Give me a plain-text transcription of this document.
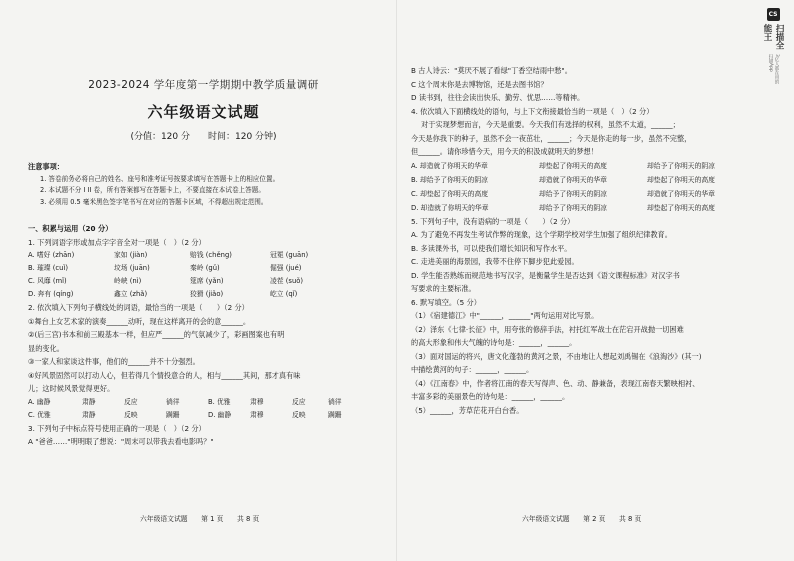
2023-2024 学年度第一学期期中教学质量调研
六年级语文试题
(分值：120 分　　时间：120 分钟)
注意事项：
1. 答卷前务必将自己的姓名、座号和准考证号按要求填写在答题卡上的相应位置。
2. 本试题不分 I II 卷，所有答案都写在答题卡上，不要直接在本试卷上答题。
3. 必须用 0.5 毫米黑色签字笔书写在对应的答题卡区域，不得超出规定范围。
一、积累与运用（20 分）
1. 下列词语字形或加点字字音全对一项是（　）（2 分）
A. 嗜好 (zhān)	家如 (jiàn)	赔钱 (chěng)	冠冕 (guān)
B. 璀璨 (cuǐ)	坟场 (juān)	秦岭 (gǔ)	倔强 (jué)
C. 风靡 (mǐ)	岭峡 (nì)	筵席 (yǎn)	凌茬 (suǒ)
D. 奔有 (qíng)	鑫立 (zhǎ)	狡猾 (jiǎo)	屹立 (qǐ)
2. 依次填入下列句子横线处的词语，最恰当的一项是（　　）（2 分）
①舞台上女艺术家的演奏______动听，现在这样离开的会的意______。
②(后三宫)书本和前三殿基本一样，但应严______的气氛减少了，彩画图案也有明
显的变化。
③一家人和家谈这件事，他们的______并不十分强烈。
④好风景固然可以打动人心，但若得几个情投意合的人，相与______其间，那才真有味
儿；这时候风景觉得更好。
A. 幽静	肃静	反应	徜徉	B. 优雅	肃穆	反应	徜徉
C. 优雅	肃静	反映	蹒跚	D. 幽静	肃穆	反映	蹒跚
3. 下列句子中标点符号使用正确的一项是（　）（2 分）
A "爸爸……"明明眼了想说："周末可以带我去看电影吗？"
六年级语文试题　　第 1 页　　共 8 页
B 古人诗云："莫厌不展了看绿"丁香空结雨中愁"。
C 这个周末你是去博物馆，还是去图书馆？
D 读书到，往往会读出快乐、勤劳、忧思……等精神。
4. 依次填入下面横线处的语句，与上下文衔接最恰当的一项是（　）（2 分）
对于实现梦想而言，今天是重要。今天我们有选择的权利，虽然不太道，______；
今天是你我下的种子，虽然不会一夜茁壮，______；今天是你走的每一步，虽然不完整，
但______。请你珍惜今天，用今天的积汲成就明天的梦想！
A. 却造就了你明天的华章	却垫起了你明天的高度	却给予了你明天的阴凉
B. 却给予了你明天的阴凉	却造就了你明天的华章	却垫起了你明天的高度
C. 却垫起了你明天的高度	却给予了你明天的阴凉	却造就了你明天的华章
D. 却造就了你明天的华章	却给予了你明天的阴凉	却垫起了你明天的高度
5. 下列句子中，没有语病的一项是（　　）（2 分）
A. 为了避免不再发生考试作弊的现象，这个学期学校对学生加强了组织纪律教育。
B. 多读课外书，可以使我们增长知识和写作水平。
C. 走进美丽的海景园，我带不住停下脚步犯此爱园。
D. 学生能否熟练而规范地书写汉字，是衡量学生是否达到《语文课程标准》对汉字书
写要求的主要标准。
6. 默写填空。（5 分）
（1）《宿建德江》中"______，______"两句运用对比写景。
（2）泽东《七律·长征》中，用夸张的修辞手法，衬托红军战士在茫宕开战抛一切困难
的高大形象和伟大气魄的诗句是：______，______。
（3）面对国运的将兴，唐文化蓬勃的黄河之景，不由地让人想起刘禹锡在《浪淘沙》(其一)
中描绘黄河的句子：______，______。
（4）《江南春》中，作者将江南的春天写得声、色、动、静兼备，表现江南春天繁映相衬、
丰富多彩的美丽景色的诗句是：______，______。
（5）______，芳草茫花开白台香。
六年级语文试题　　第 2 页　　共 8 页
CS
扫描全能王
3亿人都在用的扫描App
